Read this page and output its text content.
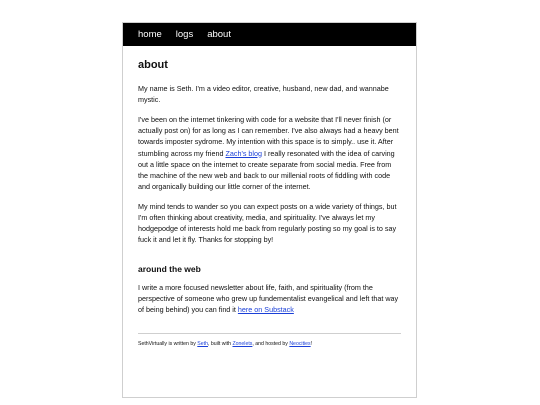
home logs about
about

My name is Seth. I'm a video editor, creative, husband, new dad, and wannabe mystic.

I've been on the internet tinkering with code for a website that I'll never finish (or actually post on) for as long as I can remember. I've also always had a heavy bent towards imposter sydrome. My intention with this space is to simply.. use it. After stumbling across my friend Zach's blog I really resonated with the idea of carving out a little space on the internet to create separate from social media. Free from the machine of the new web and back to our millenial roots of fiddling with code and organically building our little corner of the internet.

My mind tends to wander so you can expect posts on a wide variety of things, but I'm often thinking about creativity, media, and spirituality. I've always let my hodgepodge of interests hold me back from regularly posting so my goal is to say fuck it and let it fly. Thanks for stopping by!

around the web

I write a more focused newsletter about life, faith, and spirituality (from the perspective of someone who grew up fundementalist evangelical and left that way of being behind) you can find it here on Substack

SethVirtually is written by Seth, built with Zonelets, and hosted by Neocities!
